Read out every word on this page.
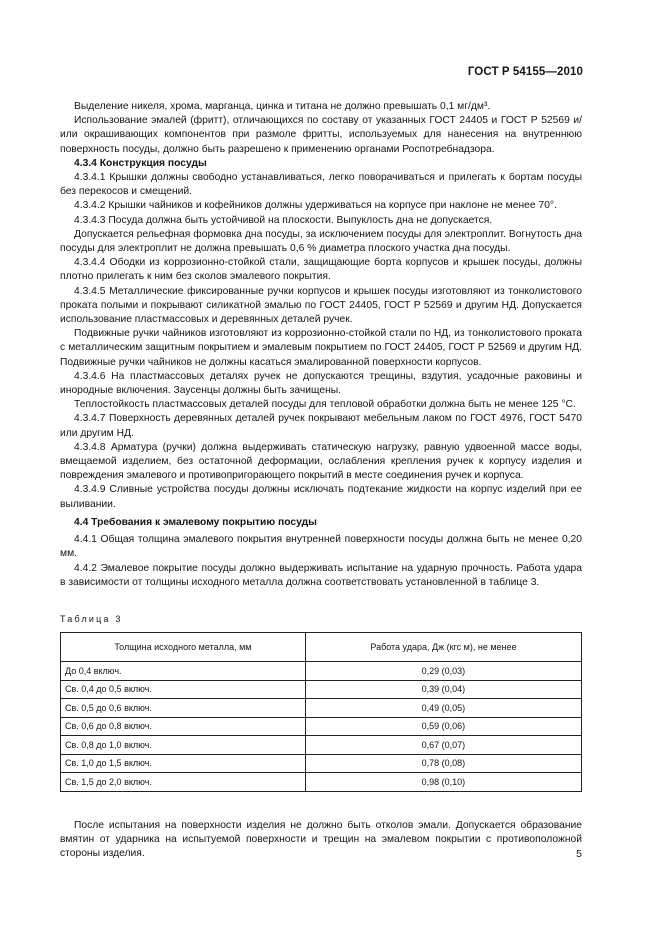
ГОСТ Р 54155—2010

Выделение никеля, хрома, марганца, цинка и титана не должно превышать 0,1 мг/дм³.

Использование эмалей (фритт), отличающихся по составу от указанных ГОСТ 24405 и ГОСТ Р 52569 и/или окрашивающих компонентов при размоле фритты, используемых для нанесения на внутреннюю поверхность посуды, должно быть разрешено к применению органами Роспотребнадзора.

4.3.4 Конструкция посуды

4.3.4.1 Крышки должны свободно устанавливаться, легко поворачиваться и прилегать к бортам посуды без перекосов и смещений.

4.3.4.2 Крышки чайников и кофейников должны удерживаться на корпусе при наклоне не менее 70°.

4.3.4.3 Посуда должна быть устойчивой на плоскости. Выпуклость дна не допускается.

Допускается рельефная формовка дна посуды, за исключением посуды для электроплит. Вогнутость дна посуды для электроплит не должна превышать 0,6 % диаметра плоского участка дна посуды.

4.3.4.4 Ободки из коррозионно-стойкой стали, защищающие борта корпусов и крышек посуды, должны плотно прилегать к ним без сколов эмалевого покрытия.

4.3.4.5 Металлические фиксированные ручки корпусов и крышек посуды изготовляют из тонколистового проката полыми и покрывают силикатной эмалью по ГОСТ 24405, ГОСТ Р 52569 и другим НД. Допускается использование пластмассовых и деревянных деталей ручек.

Подвижные ручки чайников изготовляют из коррозионно-стойкой стали по НД, из тонколистового проката с металлическим защитным покрытием и эмалевым покрытием по ГОСТ 24405, ГОСТ Р 52569 и другим НД. Подвижные ручки чайников не должны касаться эмалированной поверхности корпусов.

4.3.4.6 На пластмассовых деталях ручек не допускаются трещины, вздутия, усадочные раковины и инородные включения. Заусенцы должны быть зачищены.

Теплостойкость пластмассовых деталей посуды для тепловой обработки должна быть не менее 125 °С.

4.3.4.7 Поверхность деревянных деталей ручек покрывают мебельным лаком по ГОСТ 4976, ГОСТ 5470 или другим НД.

4.3.4.8 Арматура (ручки) должна выдерживать статическую нагрузку, равную удвоенной массе воды, вмещаемой изделием, без остаточной деформации, ослабления крепления ручек к корпусу изделия и повреждения эмалевого и противопригорающего покрытий в месте соединения ручек и корпуса.

4.3.4.9 Сливные устройства посуды должны исключать подтекание жидкости на корпус изделий при ее выливании.

4.4 Требования к эмалевому покрытию посуды

4.4.1 Общая толщина эмалевого покрытия внутренней поверхности посуды должна быть не менее 0,20 мм.

4.4.2 Эмалевое покрытие посуды должно выдерживать испытание на ударную прочность. Работа удара в зависимости от толщины исходного металла должна соответствовать установленной в таблице 3.

Таблица 3

Толщина исходного металла, мм	Работа удара, Дж (кгс м), не менее
До 0,4 включ.	0,29 (0,03)
Св. 0,4 до 0,5 включ.	0,39 (0,04)
Св. 0,5 до 0,6 включ.	0,49 (0,05)
Св. 0,6 до 0,8 включ.	0,59 (0,06)
Св. 0,8 до 1,0 включ.	0,67 (0,07)
Св. 1,0 до 1,5 включ.	0,78 (0,08)
Св. 1,5 до 2,0 включ.	0,98 (0,10)

После испытания на поверхности изделия не должно быть отколов эмали. Допускается образование вмятин от ударника на испытуемой поверхности и трещин на эмалевом покрытии с противоположной стороны изделия.	5
